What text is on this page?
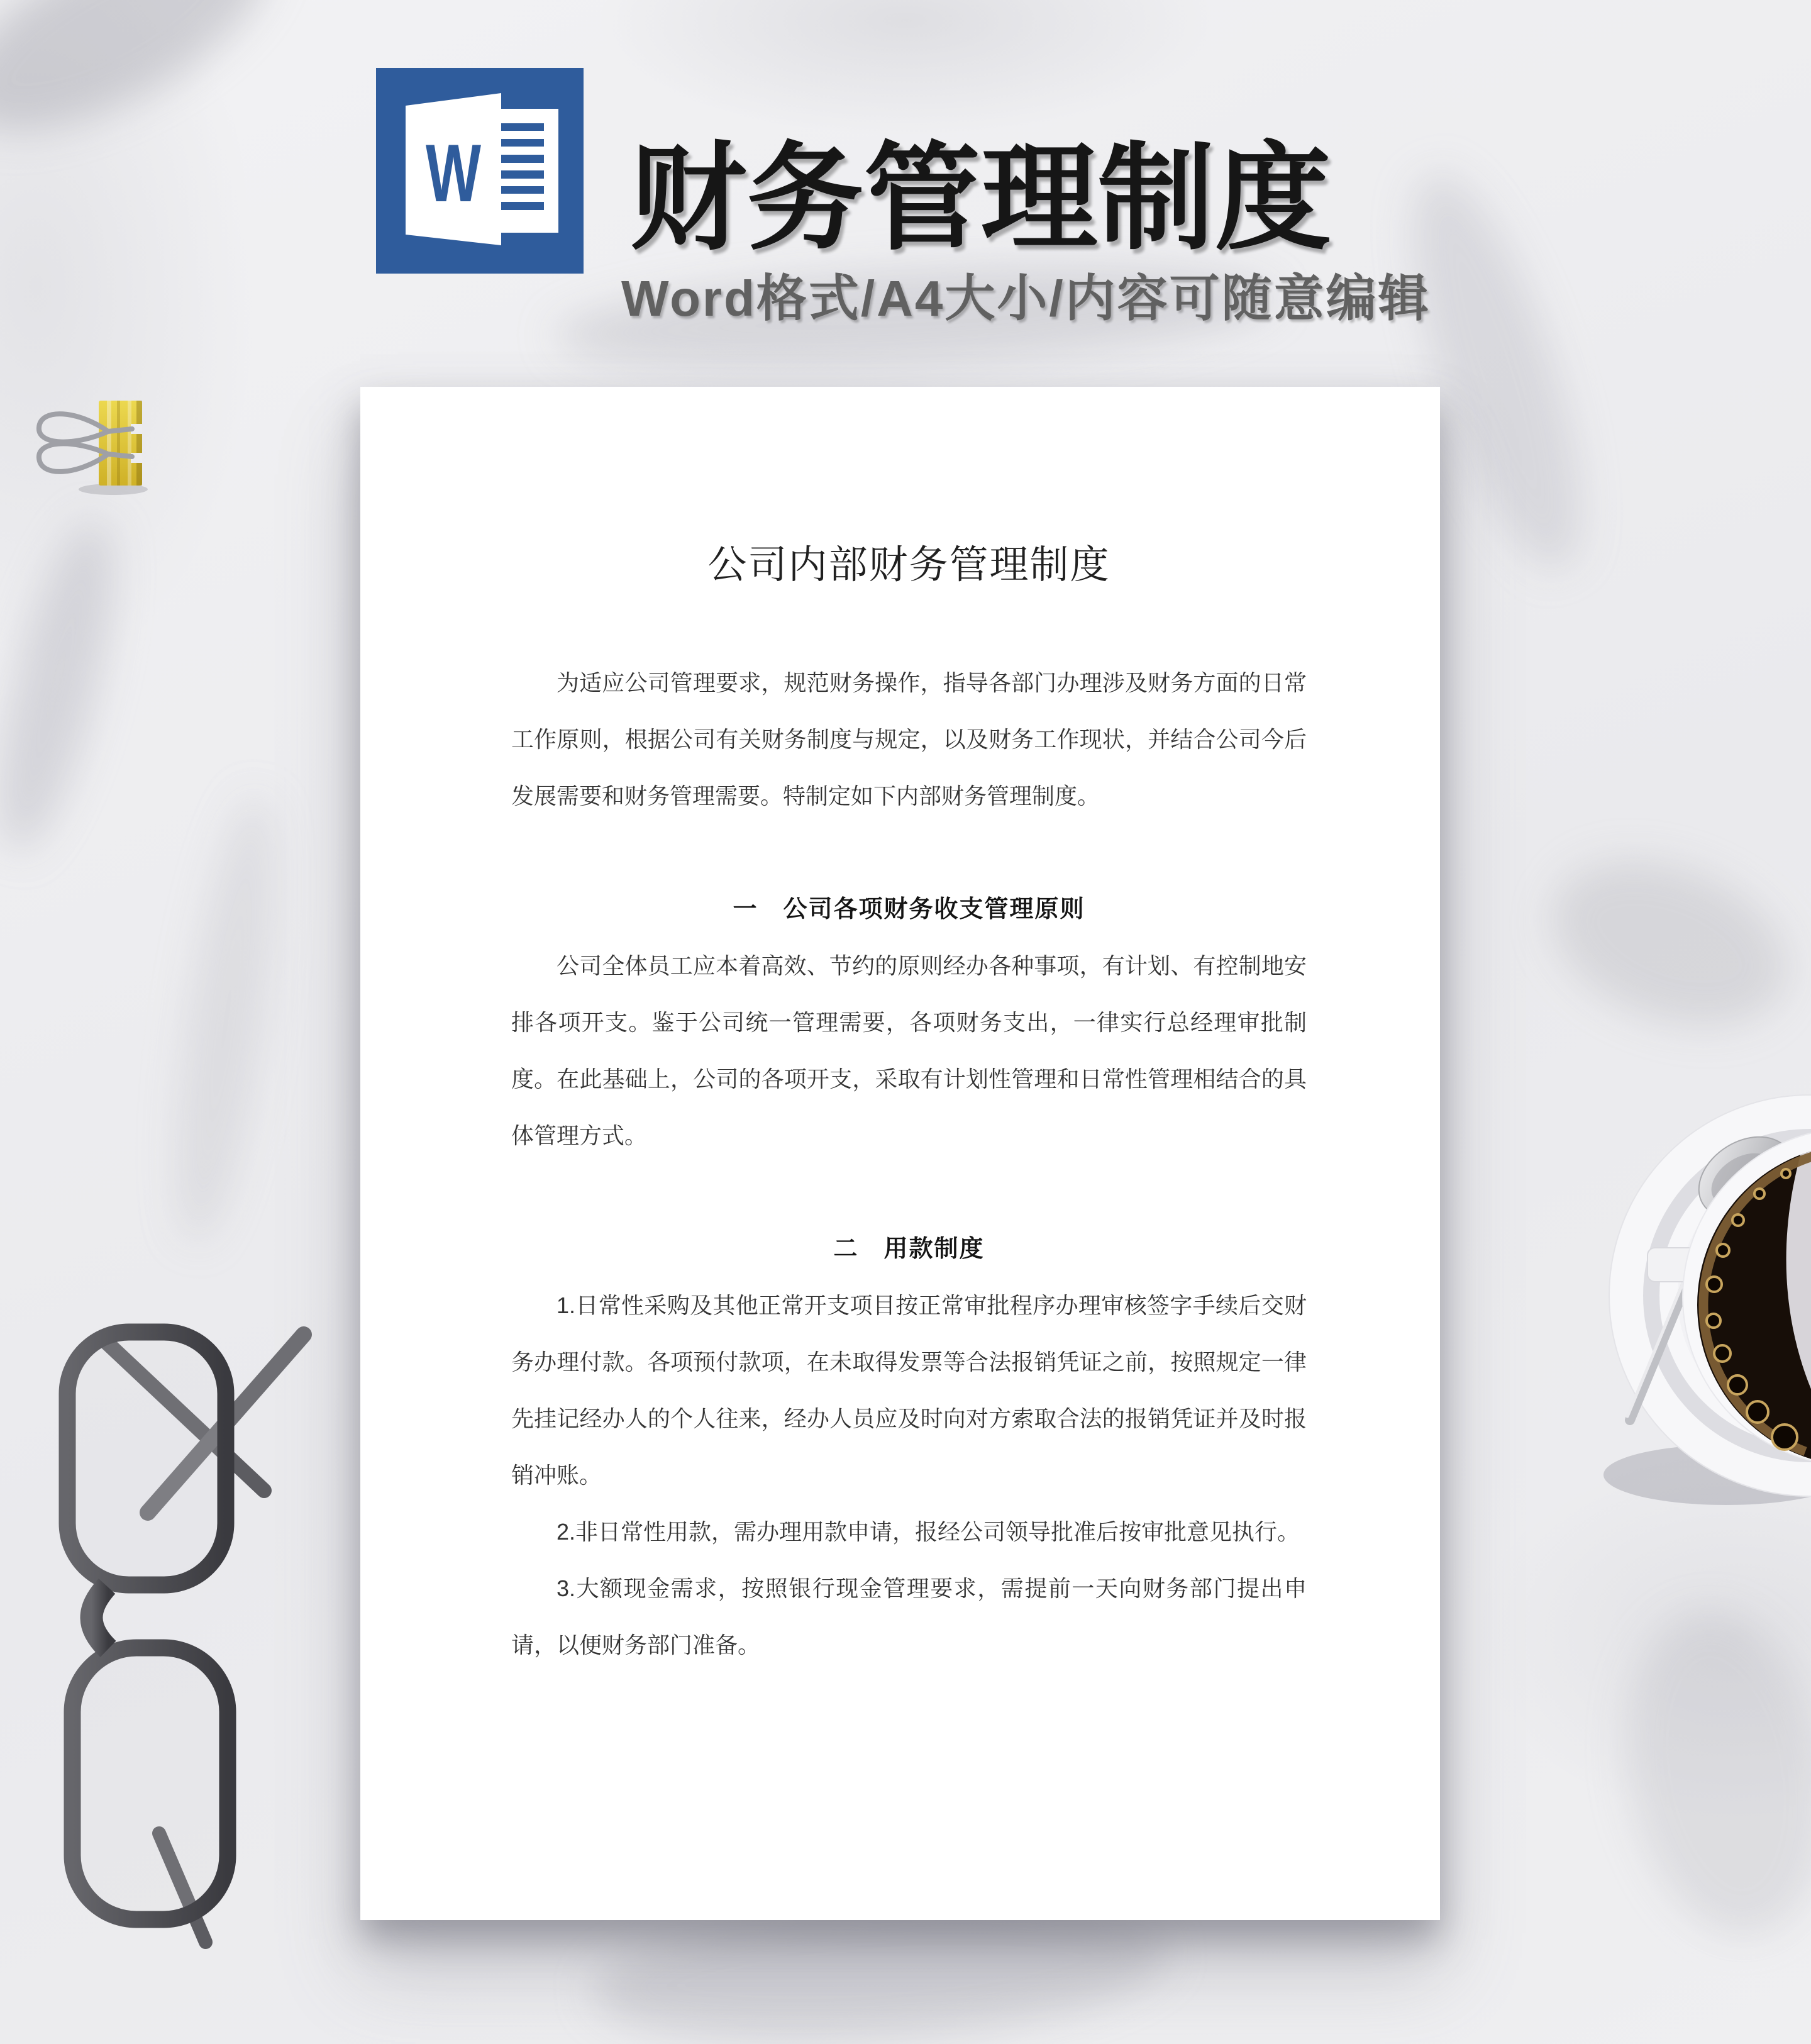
W 财务管理制度

Word格式/A4大小/内容可随意编辑

公司内部财务管理制度

为适应公司管理要求，规范财务操作，指导各部门办理涉及财务方面的日常工作原则，根据公司有关财务制度与规定，以及财务工作现状，并结合公司今后发展需要和财务管理需要。特制定如下内部财务管理制度。

一　公司各项财务收支管理原则

公司全体员工应本着高效、节约的原则经办各种事项，有计划、有控制地安排各项开支。鉴于公司统一管理需要，各项财务支出，一律实行总经理审批制度。在此基础上，公司的各项开支，采取有计划性管理和日常性管理相结合的具体管理方式。

二　用款制度

1.日常性采购及其他正常开支项目按正常审批程序办理审核签字手续后交财务办理付款。各项预付款项，在未取得发票等合法报销凭证之前，按照规定一律先挂记经办人的个人往来，经办人员应及时向对方索取合法的报销凭证并及时报销冲账。

2.非日常性用款，需办理用款申请，报经公司领导批准后按审批意见执行。

3.大额现金需求，按照银行现金管理要求，需提前一天向财务部门提出申请，以便财务部门准备。
